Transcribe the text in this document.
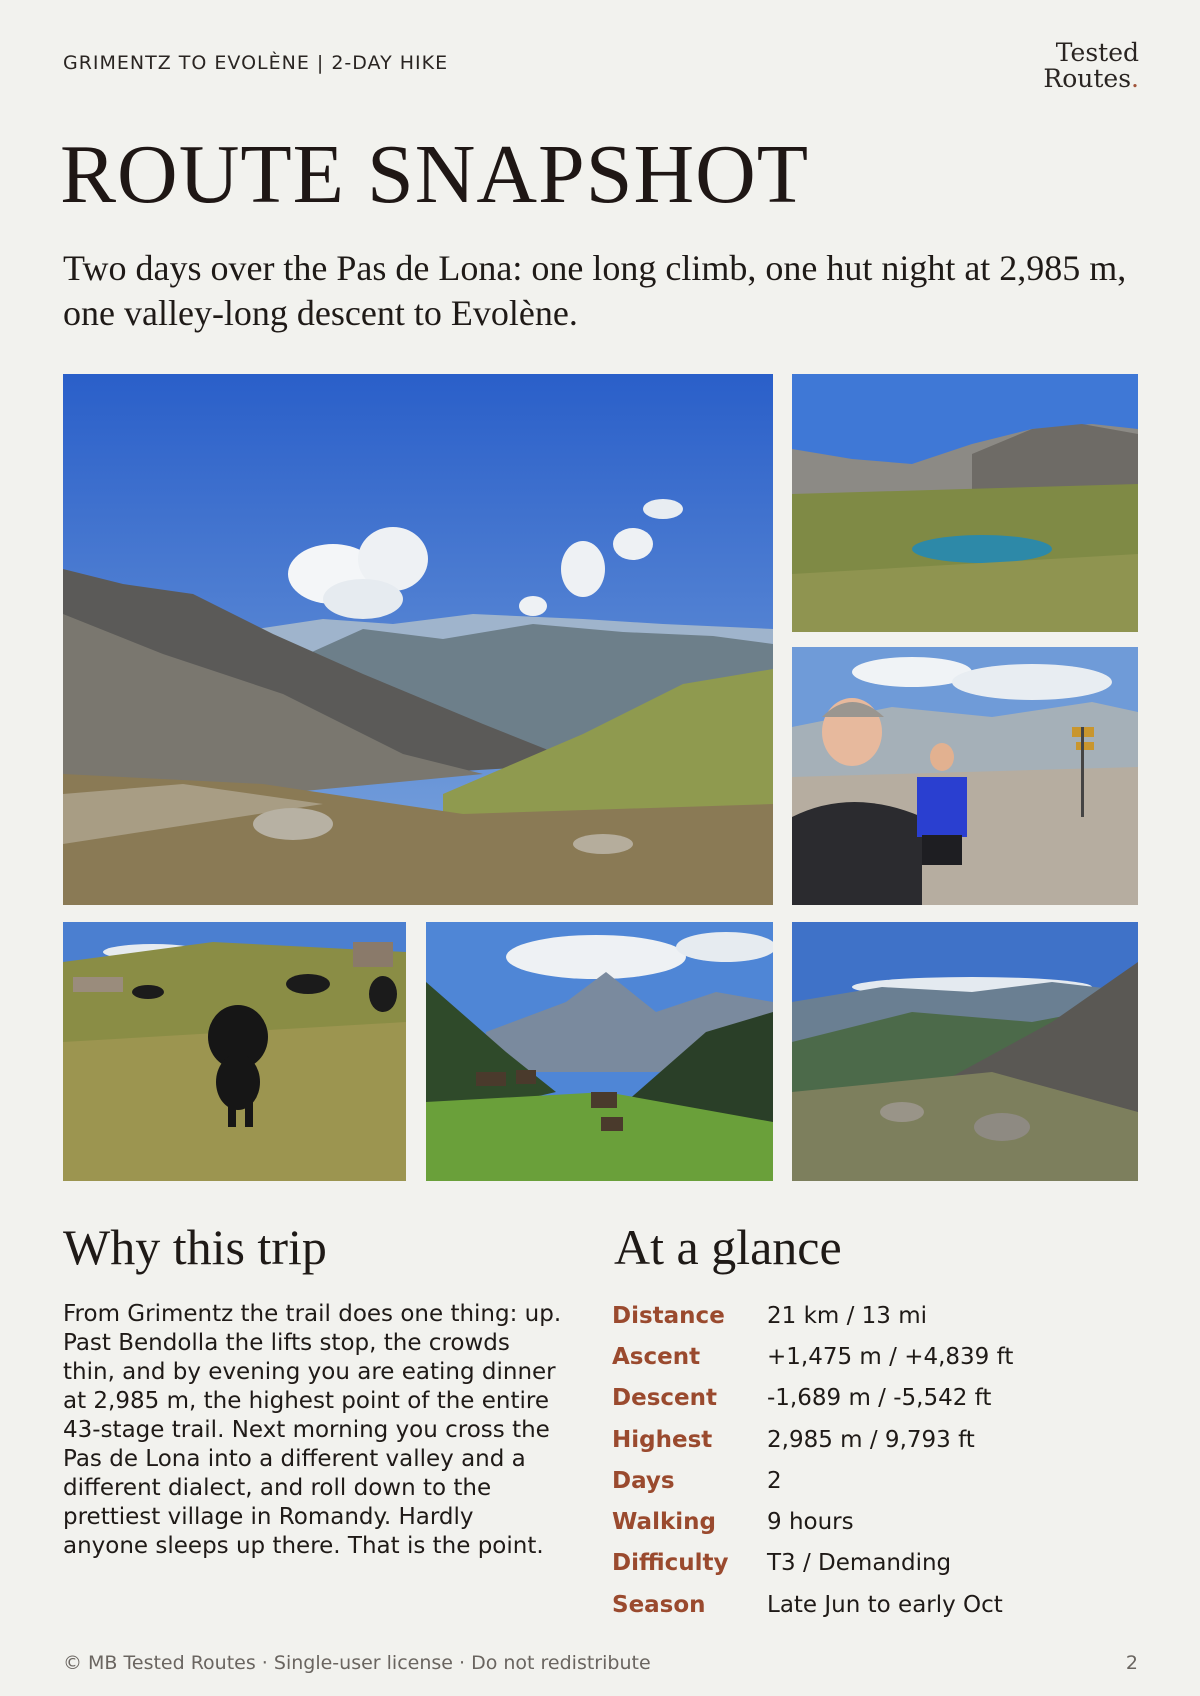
GRIMENTZ TO EVOLÈNE | 2-DAY HIKE	Tested
Routes.
ROUTE SNAPSHOT

Two days over the Pas de Lona: one long climb, one hut night at 2,985 m, one valley-long descent to Evolène.

Why this trip

From Grimentz the trail does one thing: up. Past Bendolla the lifts stop, the crowds thin, and by evening you are eating dinner at 2,985 m, the highest point of the entire 43-stage trail. Next morning you cross the Pas de Lona into a different valley and a different dialect, and roll down to the prettiest village in Romandy. Hardly anyone sleeps up there. That is the point.

At a glance
Distance	21 km / 13 mi
Ascent	+1,475 m / +4,839 ft
Descent	-1,689 m / -5,542 ft
Highest	2,985 m / 9,793 ft
Days	2
Walking	9 hours
Difficulty	T3 / Demanding
Season	Late Jun to early Oct
© MB Tested Routes · Single-user license · Do not redistribute	2
